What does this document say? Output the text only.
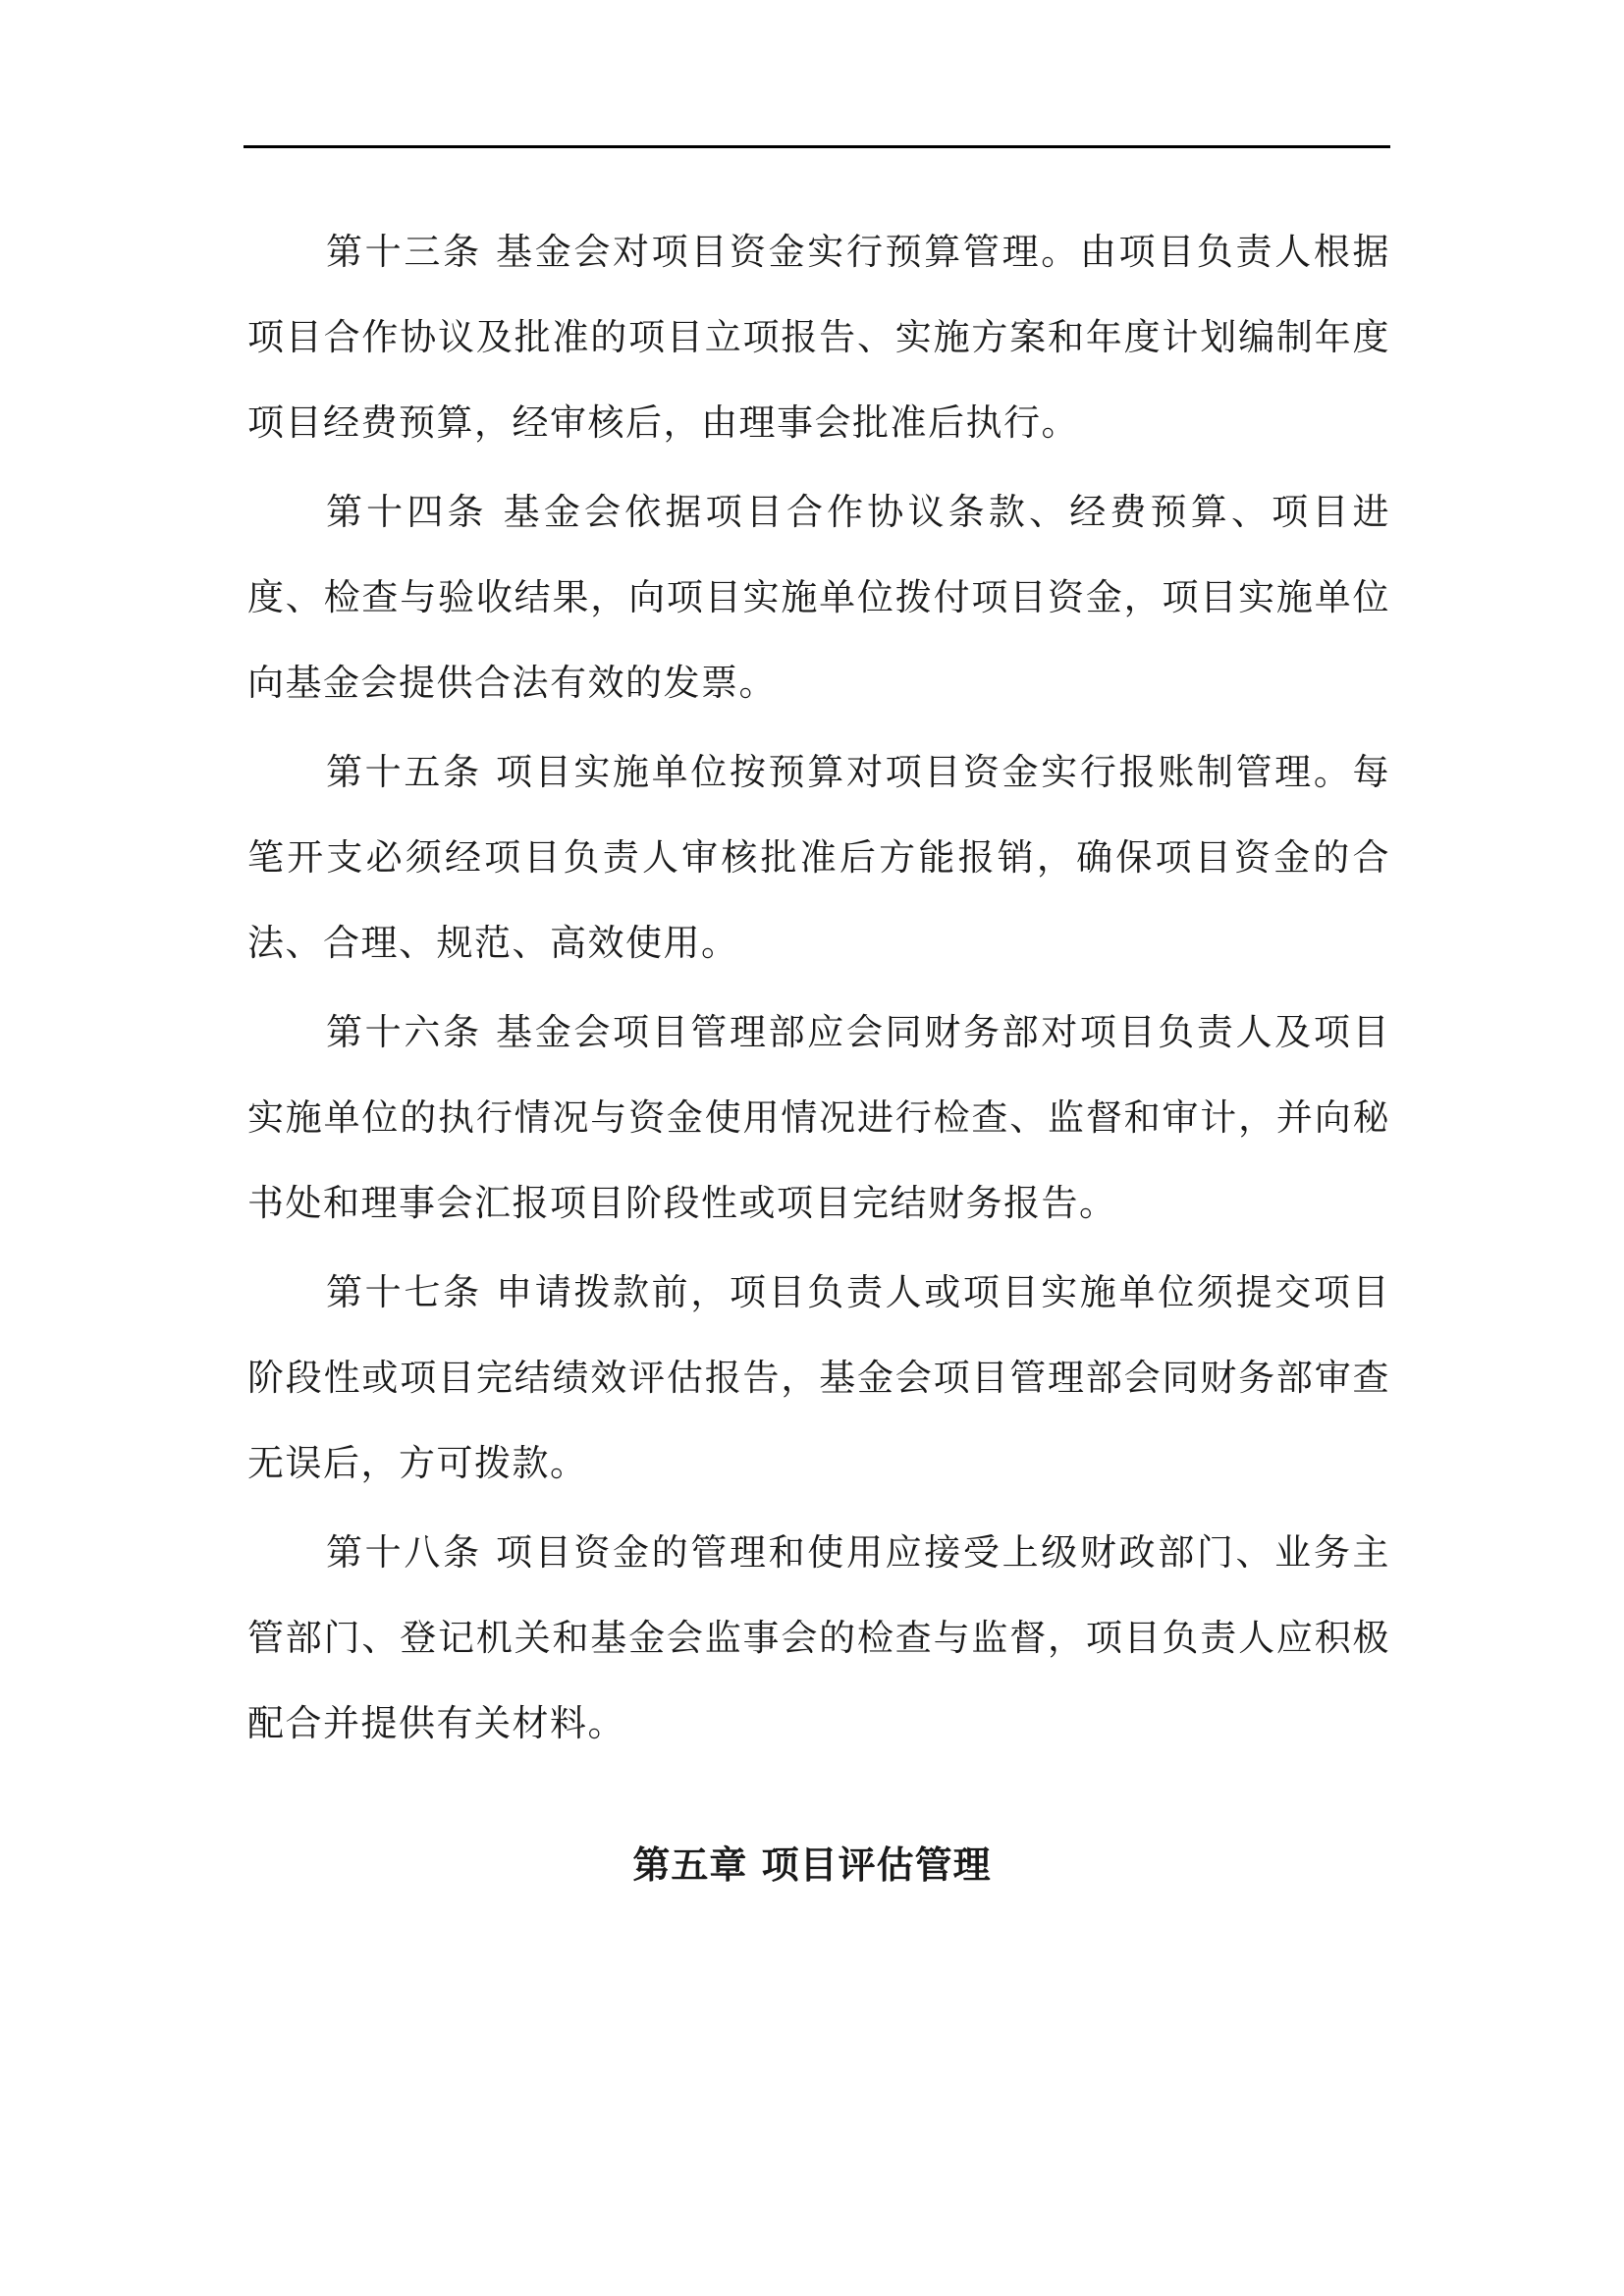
第十三条 基金会对项目资金实行预算管理。由项目负责人根据项目合作协议及批准的项目立项报告、实施方案和年度计划编制年度项目经费预算，经审核后，由理事会批准后执行。

第十四条 基金会依据项目合作协议条款、经费预算、项目进度、检查与验收结果，向项目实施单位拨付项目资金，项目实施单位向基金会提供合法有效的发票。

第十五条 项目实施单位按预算对项目资金实行报账制管理。每笔开支必须经项目负责人审核批准后方能报销，确保项目资金的合法、合理、规范、高效使用。

第十六条 基金会项目管理部应会同财务部对项目负责人及项目实施单位的执行情况与资金使用情况进行检查、监督和审计，并向秘书处和理事会汇报项目阶段性或项目完结财务报告。

第十七条 申请拨款前，项目负责人或项目实施单位须提交项目阶段性或项目完结绩效评估报告，基金会项目管理部会同财务部审查无误后，方可拨款。

第十八条 项目资金的管理和使用应接受上级财政部门、业务主管部门、登记机关和基金会监事会的检查与监督，项目负责人应积极配合并提供有关材料。

第五章 项目评估管理
